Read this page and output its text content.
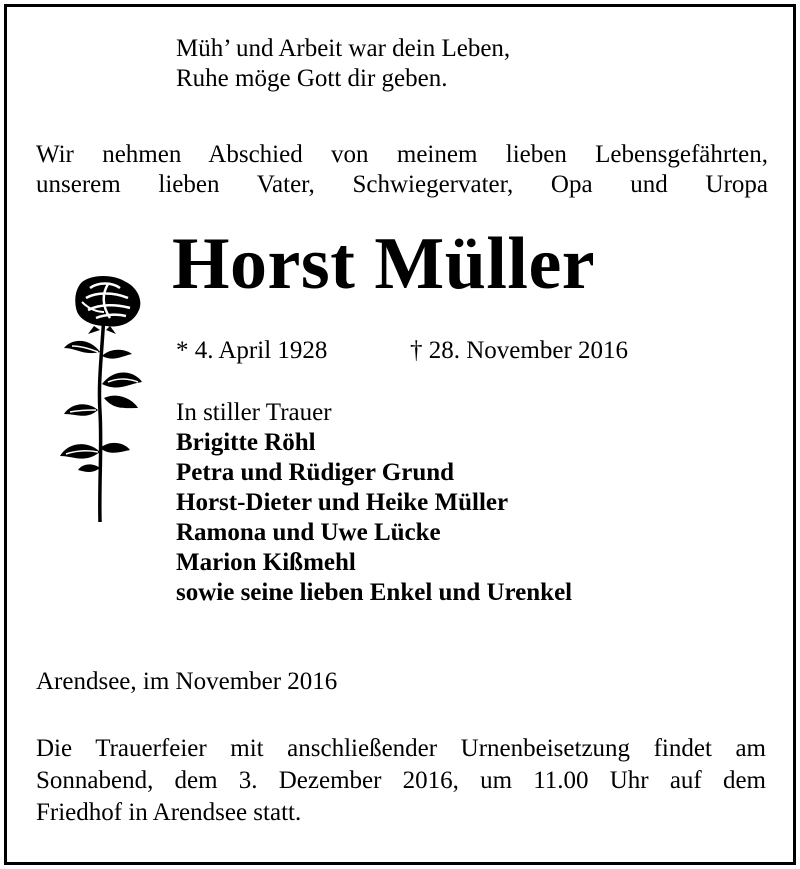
Müh’ und Arbeit war dein Leben,
Ruhe möge Gott dir geben.
Wir nehmen Abschied von meinem lieben Lebensgefährten,
unserem lieben Vater, Schwiegervater, Opa und Uropa
Horst Müller
* 4. April 1928	† 28. November 2016
In stiller Trauer
Brigitte Röhl
Petra und Rüdiger Grund
Horst-Dieter und Heike Müller
Ramona und Uwe Lücke
Marion Kißmehl
sowie seine lieben Enkel und Urenkel
Arendsee, im November 2016
Die Trauerfeier mit anschließender Urnenbeisetzung findet am
Sonnabend, dem 3. Dezember 2016, um 11.00 Uhr auf dem
Friedhof in Arendsee statt.
